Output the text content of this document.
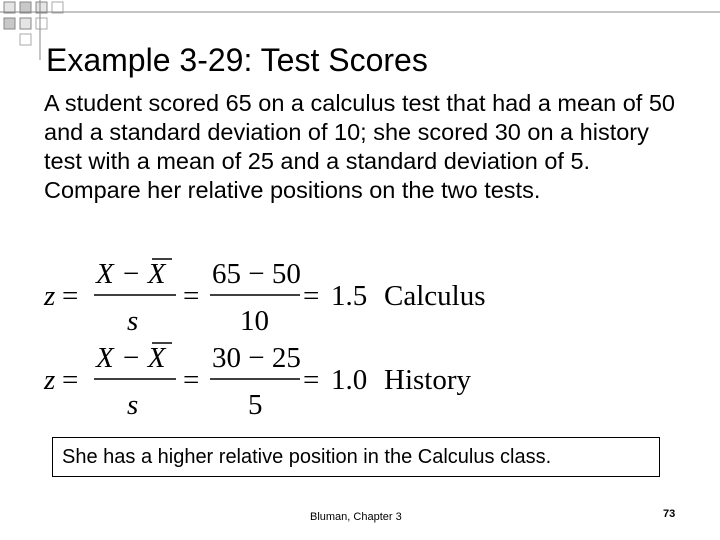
Example 3-29: Test Scores

A student scored 65 on a calculus test that had a mean of 50 and a standard deviation of 10; she scored 30 on a history test with a mean of 25 and a standard deviation of 5. Compare her relative positions on the two tests.

z =
X − X
s
=
65 − 50
10
= 1.5 Calculus
z =
X − X
s
=
30 − 25
5
= 1.0 History
She has a higher relative position in the Calculus class.
Bluman, Chapter 3	73
